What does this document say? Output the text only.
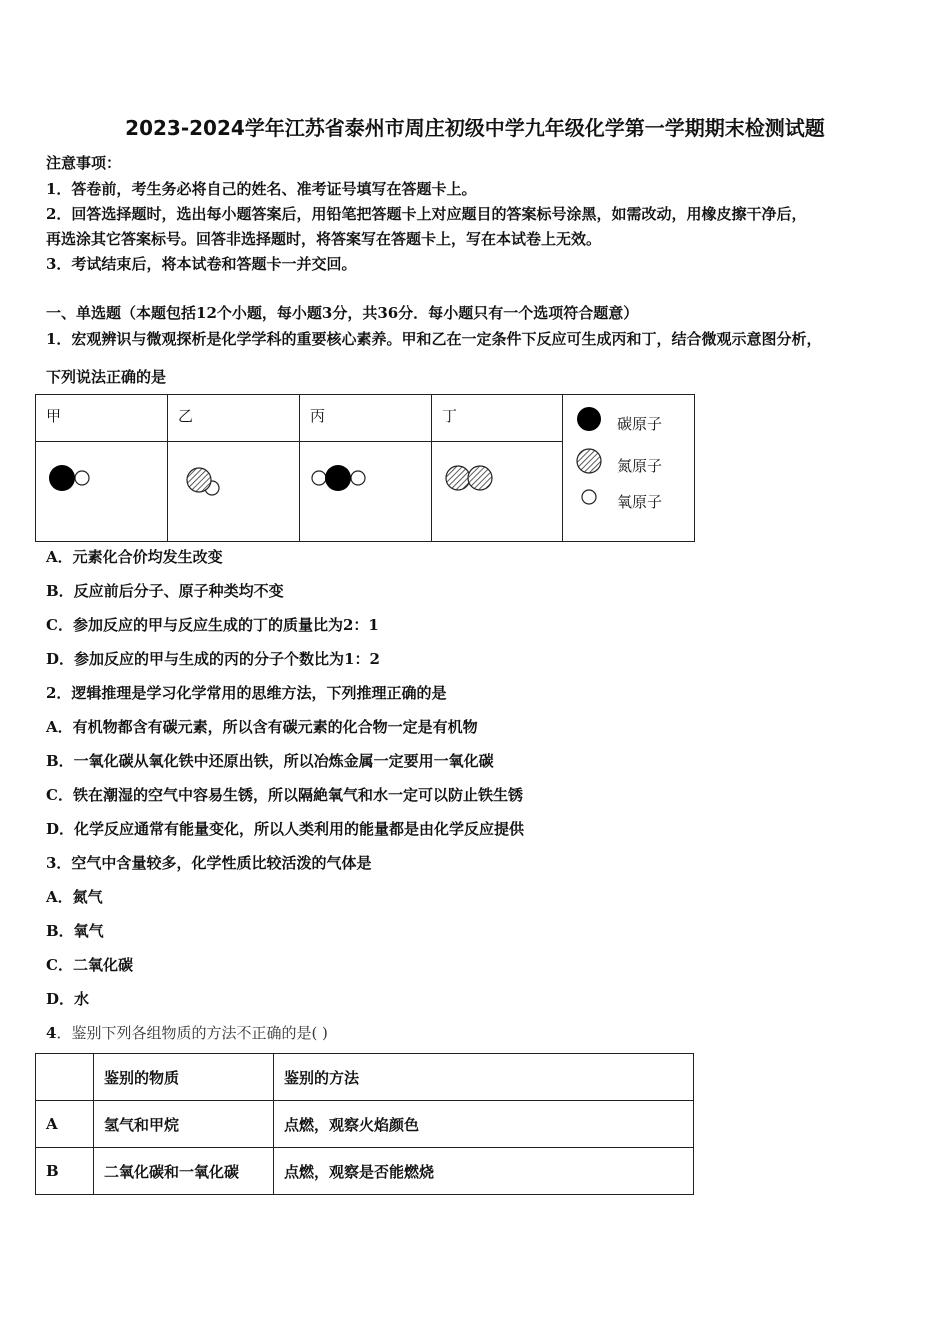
2023-2024学年江苏省泰州市周庄初级中学九年级化学第一学期期末检测试题
注意事项：
1．答卷前，考生务必将自己的姓名、准考证号填写在答题卡上。
2．回答选择题时，选出每小题答案后，用铅笔把答题卡上对应题目的答案标号涂黑，如需改动，用橡皮擦干净后，
再选涂其它答案标号。回答非选择题时，将答案写在答题卡上，写在本试卷上无效。
3．考试结束后，将本试卷和答题卡一并交回。
一、单选题（本题包括12个小题，每小题3分，共36分．每小题只有一个选项符合题意）
1．宏观辨识与微观探析是化学学科的重要核心素养。甲和乙在一定条件下反应可生成丙和丁，结合微观示意图分析，
下列说法正确的是
甲	乙	丙	丁	碳原子
氮原子
氧原子

A．元素化合价均发生改变
B．反应前后分子、原子种类均不变
C．参加反应的甲与反应生成的丁的质量比为2：1
D．参加反应的甲与生成的丙的分子个数比为1：2
2．逻辑推理是学习化学常用的思维方法，下列推理正确的是
A．有机物都含有碳元素，所以含有碳元素的化合物一定是有机物
B．一氧化碳从氧化铁中还原出铁，所以冶炼金属一定要用一氧化碳
C．铁在潮湿的空气中容易生锈，所以隔絶氧气和水一定可以防止铁生锈
D．化学反应通常有能量变化，所以人类利用的能量都是由化学反应提供
3．空气中含量较多，化学性质比较活泼的气体是
A．氮气
B．氧气
C．二氧化碳
D．水
4．鉴别下列各组物质的方法不正确的是( )
	鉴别的物质	鉴别的方法
A	氢气和甲烷	点燃，观察火焰颜色
B	二氧化碳和一氧化碳	点燃，观察是否能燃烧
